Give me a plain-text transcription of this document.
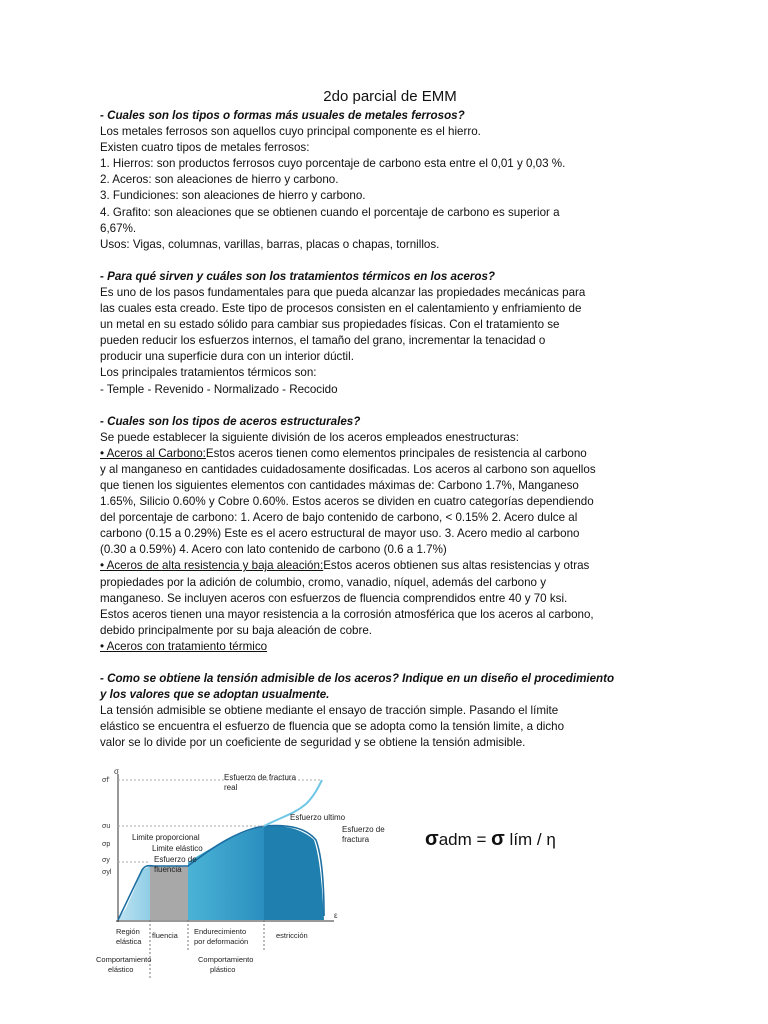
2do parcial de EMM
- Cuales son los tipos o formas más usuales de metales ferrosos?
Los metales ferrosos son aquellos cuyo principal componente es el hierro.
Existen cuatro tipos de metales ferrosos:
1. Hierros: son productos ferrosos cuyo porcentaje de carbono esta entre el 0,01 y 0,03 %.
2. Aceros: son aleaciones de hierro y carbono.
3. Fundiciones: son aleaciones de hierro y carbono.
4. Grafito: son aleaciones que se obtienen cuando el porcentaje de carbono es superior a
6,67%.
Usos: Vigas, columnas, varillas, barras, placas o chapas, tornillos.
- Para qué sirven y cuáles son los tratamientos térmicos en los aceros?
Es uno de los pasos fundamentales para que pueda alcanzar las propiedades mecánicas para
las cuales esta creado. Este tipo de procesos consisten en el calentamiento y enfriamiento de
un metal en su estado sólido para cambiar sus propiedades físicas. Con el tratamiento se
pueden reducir los esfuerzos internos, el tamaño del grano, incrementar la tenacidad o
producir una superficie dura con un interior dúctil.
Los principales tratamientos térmicos son:
- Temple - Revenido - Normalizado - Recocido
- Cuales son los tipos de aceros estructurales?
Se puede establecer la siguiente división de los aceros empleados enestructuras:
• Aceros al Carbono:Estos aceros tienen como elementos principales de resistencia al carbono
y al manganeso en cantidades cuidadosamente dosificadas. Los aceros al carbono son aquellos
que tienen los siguientes elementos con cantidades máximas de: Carbono 1.7%, Manganeso
1.65%, Silicio 0.60% y Cobre 0.60%. Estos aceros se dividen en cuatro categorías dependiendo
del porcentaje de carbono: 1. Acero de bajo contenido de carbono, < 0.15% 2. Acero dulce al
carbono (0.15 a 0.29%) Este es el acero estructural de mayor uso. 3. Acero medio al carbono
(0.30 a 0.59%) 4. Acero con lato contenido de carbono (0.6 a 1.7%)
• Aceros de alta resistencia y baja aleación:Estos aceros obtienen sus altas resistencias y otras
propiedades por la adición de columbio, cromo, vanadio, níquel, además del carbono y
manganeso. Se incluyen aceros con esfuerzos de fluencia comprendidos entre 40 y 70 ksi.
Estos aceros tienen una mayor resistencia a la corrosión atmosférica que los aceros al carbono,
debido principalmente por su baja aleación de cobre.
• Aceros con tratamiento térmico
- Como se obtiene la tensión admisible de los aceros? Indique en un diseño el procedimiento
y los valores que se adoptan usualmente.
La tensión admisible se obtiene mediante el ensayo de tracción simple. Pasando el límite
elástico se encuentra el esfuerzo de fluencia que se adopta como la tensión limite, a dicho
valor se lo divide por un coeficiente de seguridad y se obtiene la tensión admisible.
σ
ε
σf'
σu
σp
σy
σyl
Esfuerzo de fractura
real
Esfuerzo ultimo
Esfuerzo de
fractura
Limite proporcional
Limite elástico
Esfuerzo de
fluencia
Región
elástica
fluencia Endurecimiento
por deformación
estricción
Comportamiento
elástico
Comportamiento
plástico
σadm = σ lím / η
